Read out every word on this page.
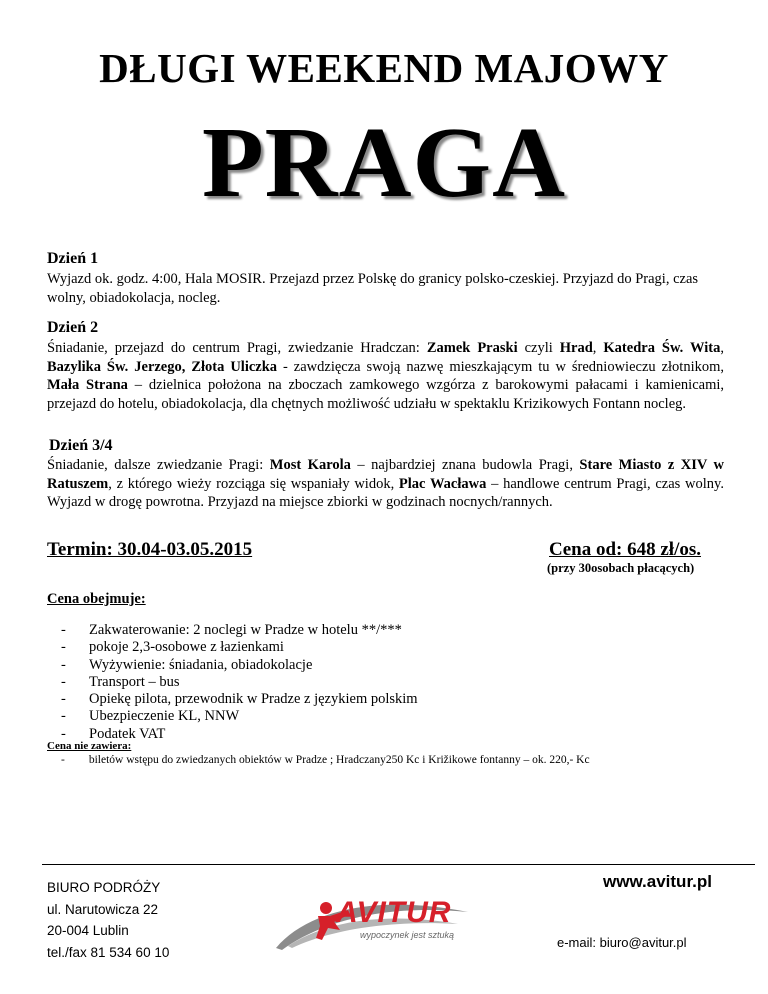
DŁUGI WEEKEND MAJOWY
PRAGA
Dzień 1
Wyjazd ok. godz. 4:00, Hala MOSIR. Przejazd przez Polskę do granicy polsko-czeskiej. Przyjazd do Pragi, czas wolny, obiadokolacja, nocleg.
Dzień 2
Śniadanie, przejazd do centrum Pragi, zwiedzanie Hradczan: Zamek Praski czyli Hrad, Katedra Św. Wita, Bazylika Św. Jerzego, Złota Uliczka - zawdzięcza swoją nazwę mieszkającym tu w średniowieczu złotnikom, Mała Strana – dzielnica położona na zboczach zamkowego wzgórza z barokowymi pałacami i kamienicami, przejazd do hotelu, obiadokolacja, dla chętnych możliwość udziału w spektaklu Krizikowych Fontann nocleg.
Dzień 3/4
Śniadanie, dalsze zwiedzanie Pragi: Most Karola – najbardziej znana budowla Pragi, Stare Miasto z XIV w Ratuszem, z którego wieży rozciąga się wspaniały widok, Plac Wacława – handlowe centrum Pragi, czas wolny. Wyjazd w drogę powrotna. Przyjazd na miejsce zbiorki w godzinach nocnych/rannych.
Termin: 30.04-03.05.2015	Cena od: 648 zł/os.
(przy 30osobach płacących)
Cena obejmuje:
- Zakwaterowanie: 2 noclegi w Pradze w hotelu **/***
- pokoje 2,3-osobowe z łazienkami
- Wyżywienie: śniadania, obiadokolacje
- Transport – bus
- Opiekę pilota, przewodnik w Pradze z językiem polskim
- Ubezpieczenie KL, NNW
- Podatek VAT
Cena nie zawiera:
- biletów wstępu do zwiedzanych obiektów w Pradze ; Hradczany250 Kc i Križikowe fontanny – ok. 220,- Kc
BIURO PODRÓŻY
ul. Narutowicza 22
20-004 Lublin
tel./fax 81 534 60 10
www.avitur.pl
e-mail: biuro@avitur.pl
AVITUR
wypoczynek jest sztuką
